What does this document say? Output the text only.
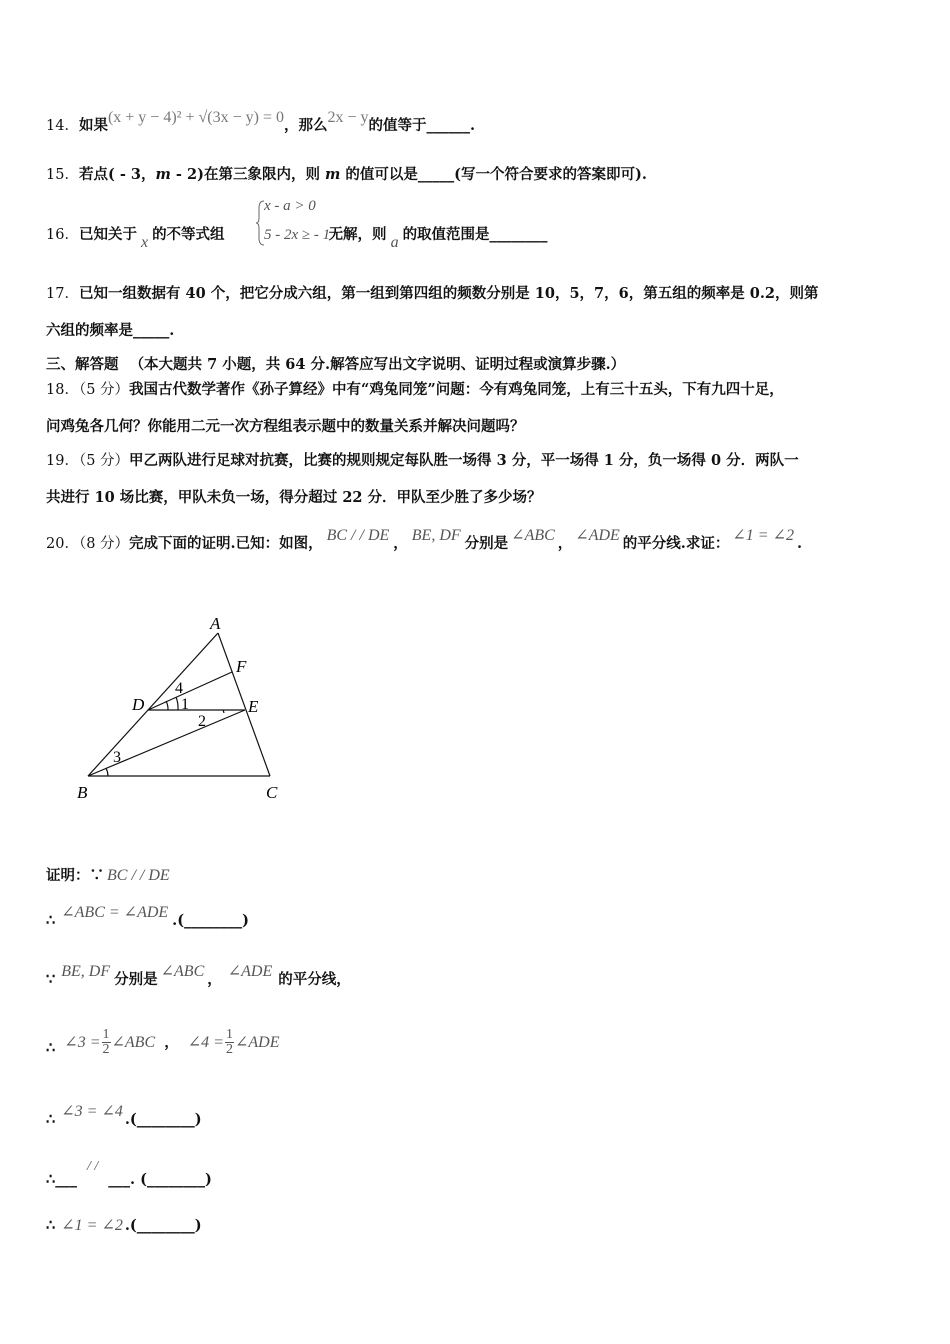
14．如果(x + y − 4)² + √(3x − y) = 0，那么2x − y的值等于______.
15．若点( - 3，m - 2)在第三象限内，则 m 的值可以是_____(写一个符合要求的答案即可).
16．已知关于 x 的不等式组	无解，则 a 的取值范围是________
x - a > 0
5 - 2x ≥ - 1
17．已知一组数据有 40 个，把它分成六组，第一组到第四组的频数分别是 10，5，7，6，第五组的频率是 0.2，则第
六组的频率是_____.
三、解答题 （本大题共 7 小题，共 64 分.解答应写出文字说明、证明过程或演算步骤.）
18．（5 分）我国古代数学著作《孙子算经》中有“鸡兔同笼”问题：今有鸡兔同笼，上有三十五头，下有九四十足，
问鸡兔各几何？你能用二元一次方程组表示题中的数量关系并解决问题吗？
19．（5 分）甲乙两队进行足球对抗赛，比赛的规则规定每队胜一场得 3 分，平一场得 1 分，负一场得 0 分．两队一
共进行 10 场比赛，甲队未负一场，得分超过 22 分．甲队至少胜了多少场？
20．（8 分）完成下面的证明.已知：如图， BC / / DE ， BE, DF 分别是 ∠ABC ， ∠ADE 的平分线.求证： ∠1 = ∠2 .
A
F
D	E
B	C
1
2
3
4
证明：∵ BC / / DE
∴ ∠ABC = ∠ADE .(________)
∵ BE, DF 分别是 ∠ABC ， ∠ADE 的平分线，
∴ ∠3 = $\frac{1}{2}$ ∠ABC ， ∠4 = $\frac{1}{2}$ ∠ADE
∴ ∠3 = ∠4 .(________)
∴___/ /___. (________)
∴ ∠1 = ∠2 .(________)
